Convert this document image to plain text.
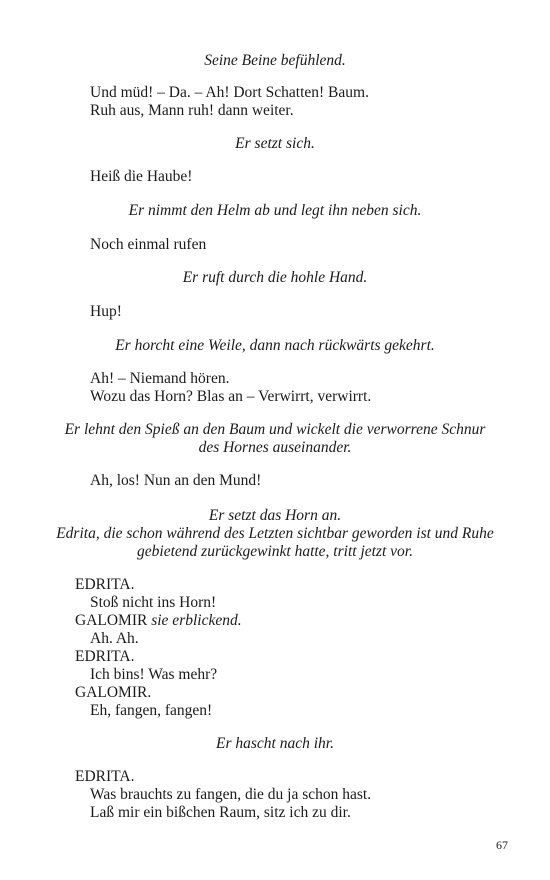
Seine Beine befühlend.
Und müd! – Da. – Ah! Dort Schatten! Baum.
Ruh aus, Mann ruh! dann weiter.
Er setzt sich.
Heiß die Haube!
Er nimmt den Helm ab und legt ihn neben sich.
Noch einmal rufen
Er ruft durch die hohle Hand.
Hup!
Er horcht eine Weile, dann nach rückwärts gekehrt.
Ah! – Niemand hören.
Wozu das Horn? Blas an – Verwirrt, verwirrt.
Er lehnt den Spieß an den Baum und wickelt die verworrene Schnur
des Hornes auseinander.
Ah, los! Nun an den Mund!
Er setzt das Horn an.
Edrita, die schon während des Letzten sichtbar geworden ist und Ruhe
gebietend zurückgewinkt hatte, tritt jetzt vor.
EDRITA.
Stoß nicht ins Horn!
GALOMIR sie erblickend.
Ah. Ah.
EDRITA.
Ich bins! Was mehr?
GALOMIR.
Eh, fangen, fangen!
Er hascht nach ihr.
EDRITA.
Was brauchts zu fangen, die du ja schon hast.
Laß mir ein bißchen Raum, sitz ich zu dir.
67
